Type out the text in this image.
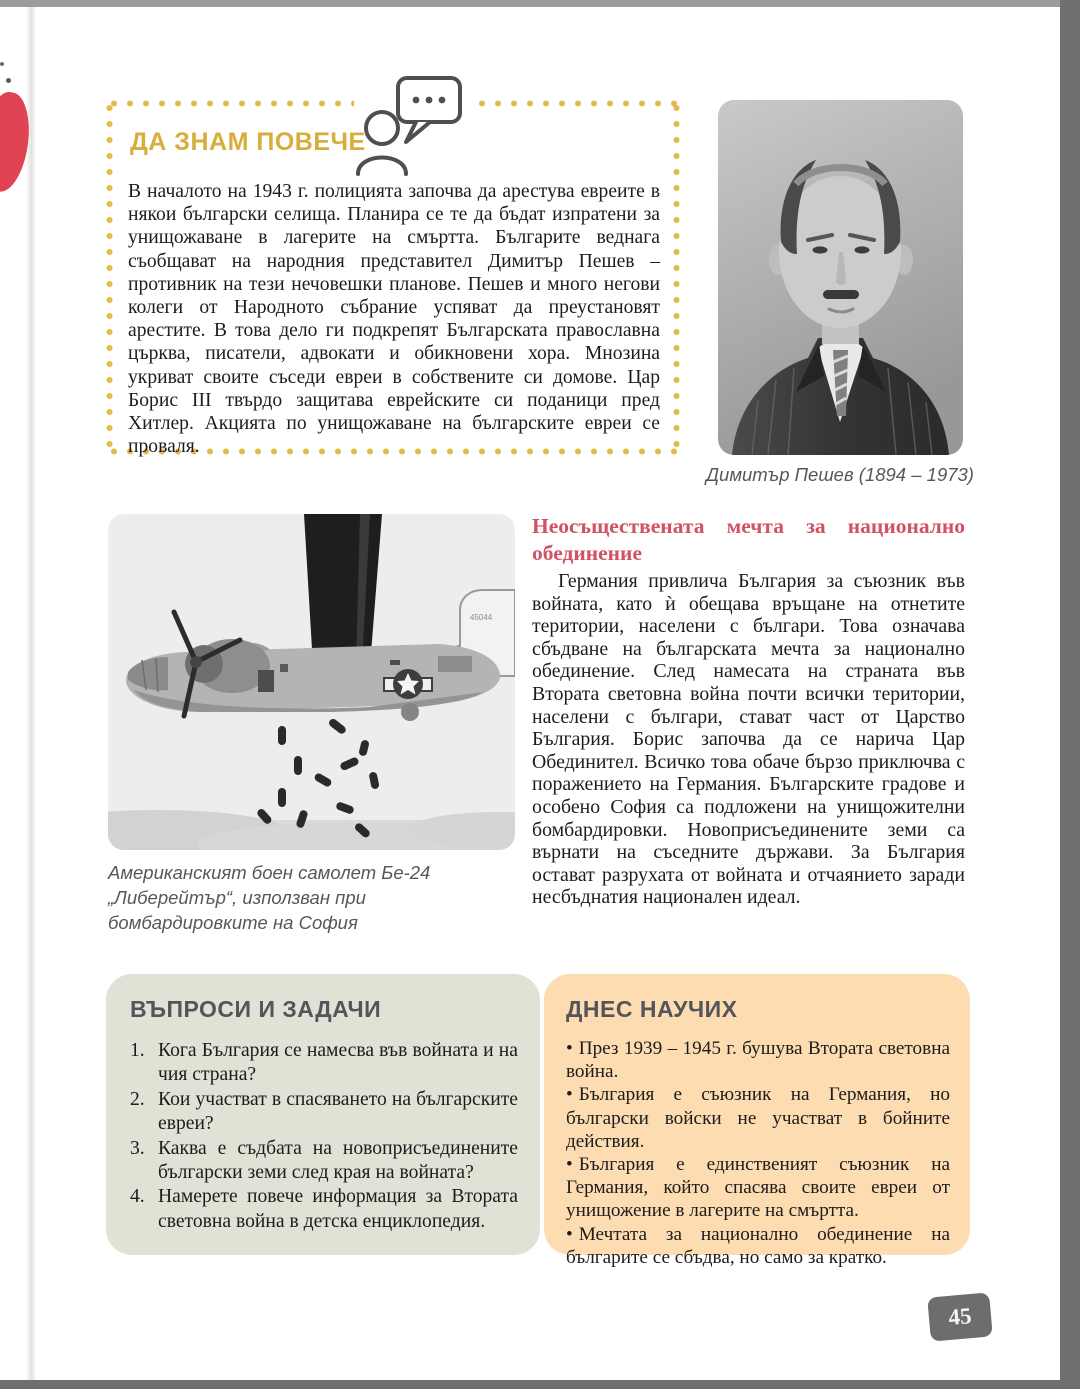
ДА ЗНАМ ПОВЕЧЕ
В началото на 1943 г. полицията започва да арестува евреите в някои български селища. Планира се те да бъдат изпратени за унищожаване в лагерите на смъртта. Българите веднага съобщават на народния представител Димитър Пешев – противник на тези нечовешки планове. Пешев и много негови колеги от Народното събрание успяват да преустановят арестите. В това дело ги подкрепят Българската православна църква, писатели, адвокати и обикновени хора. Мнозина укриват своите съседи евреи в собствените си домове. Цар Борис III твърдо защитава еврейските си поданици пред Хитлер. Акцията по унищожаване на българските евреи се проваля.
Димитър Пешев (1894 – 1973)
45044
Американският боен самолет Бе-24 „Либерейтър“, използван при бомбардировките на София

Неосъществената мечта за национално обединение

Германия привлича България за съюзник във войната, като ѝ обещава връщане на отнетите територии, населени с българи. Това означава сбъдване на българската мечта за национално обединение. След намесата на страната във Втората световна война почти всички територии, населени с българи, стават част от Царство България. Борис започва да се нарича Цар Обединител. Всичко това обаче бързо приключва с поражението на Германия. Българските градове и особено София са подложени на унищожителни бомбардировки. Новоприсъединените земи са върнати на съседните държави. За България остават разрухата от войната и отчаянието заради несбъднатия национален идеал.

ВЪПРОСИ И ЗАДАЧИ

1. Кога България се намесва във войната и на чия страна?
2. Кои участват в спасяването на българските евреи?
3. Каква е съдбата на новоприсъединените български земи след края на войната?
4. Намерете повече информация за Втората световна война в детска енциклопедия.

ДНЕС НАУЧИХ

• През 1939 – 1945 г. бушува Втората световна война.

• България е съюзник на Германия, но български войски не участват в бойните действия.

• България е единственият съюзник на Германия, който спасява своите евреи от унищожение в лагерите на смъртта.

• Мечтата за национално обединение на българите се сбъдва, но само за кратко.

45
